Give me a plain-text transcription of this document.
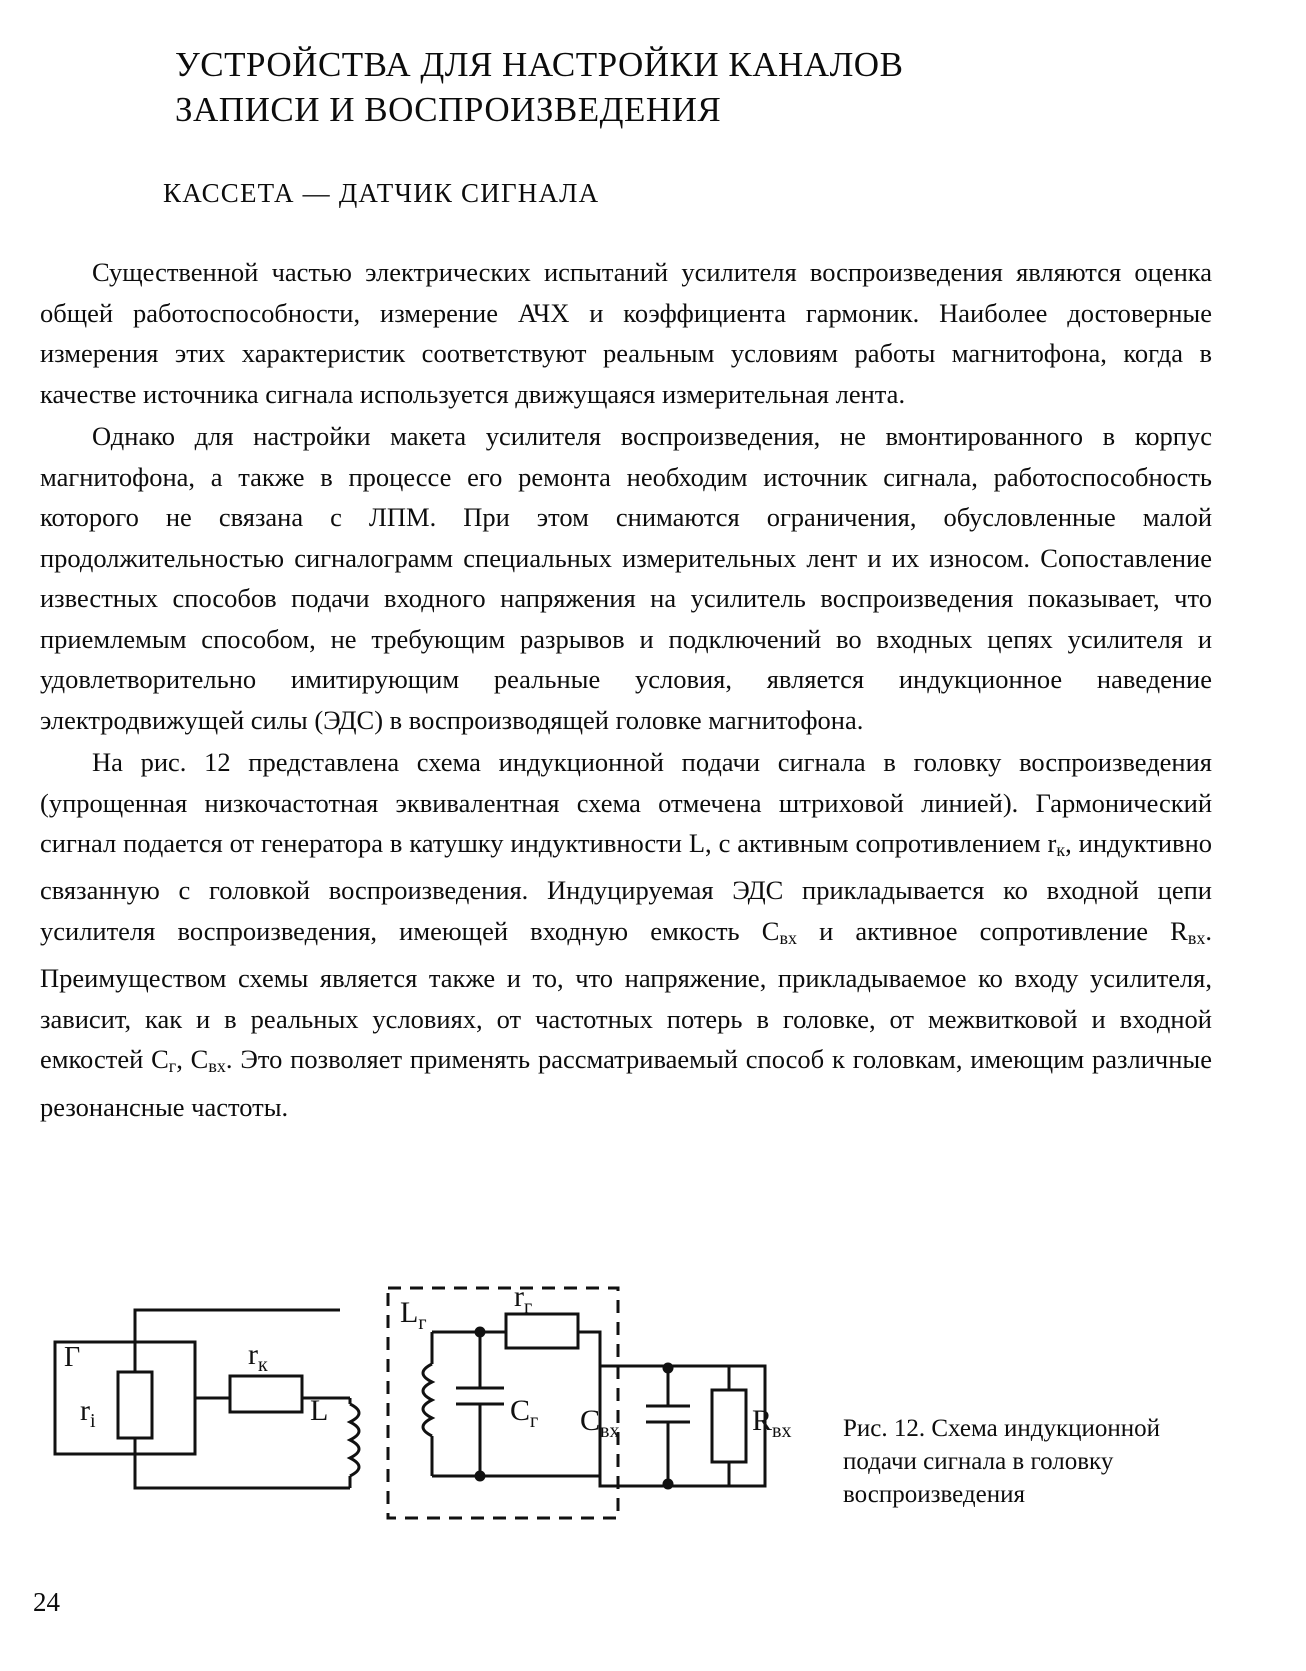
УСТРОЙСТВА ДЛЯ НАСТРОЙКИ КАНАЛОВ
ЗАПИСИ И ВОСПРОИЗВЕДЕНИЯ
КАССЕТА — ДАТЧИК СИГНАЛА

Существенной частью электрических испытаний усилителя воспроизведения являются оценка общей работоспособности, измерение АЧХ и коэффициента гармоник. Наиболее достоверные измерения этих характеристик соответствуют реальным условиям работы магнитофона, когда в качестве источника сигнала используется движущаяся измерительная лента.

Однако для настройки макета усилителя воспроизведения, не вмонтированного в корпус магнитофона, а также в процессе его ремонта необходим источник сигнала, работоспособность которого не связана с ЛПМ. При этом снимаются ограничения, обусловленные малой продолжительностью сигналограмм специальных измерительных лент и их износом. Сопоставление известных способов подачи входного напряжения на усилитель воспроизведения показывает, что приемлемым способом, не требующим разрывов и подключений во входных цепях усилителя и удовлетворительно имитирующим реальные условия, является индукционное наведение электродвижущей силы (ЭДС) в воспроизводящей головке магнитофона.

На рис. 12 представлена схема индукционной подачи сигнала в головку воспроизведения (упрощенная низкочастотная эквивалентная схема отмечена штриховой линией). Гармонический сигнал подается от генератора в катушку индуктивности L, с активным сопротивлением $r_к$, индуктивно связанную с головкой воспроизведения. Индуцируемая ЭДС прикладывается ко входной цепи усилителя воспроизведения, имеющей входную емкость $C_{вх}$ и активное сопротивление $R_{вх}$. Преимуществом схемы является также и то, что напряжение, прикладываемое ко входу усилителя, зависит, как и в реальных условиях, от частотных потерь в головке, от межвитковой и входной емкостей $C_г$, $C_{вх}$. Это позволяет применять рассматриваемый способ к головкам, имеющим различные резонансные частоты.

Г
$r_i$
$r_к$
L
$L_г$
$r_г$
$C_г$ $C_{вх}$	$R_{вх}$ Рис. 12. Схема индукционной подачи сигнала в головку воспроизведения
24
